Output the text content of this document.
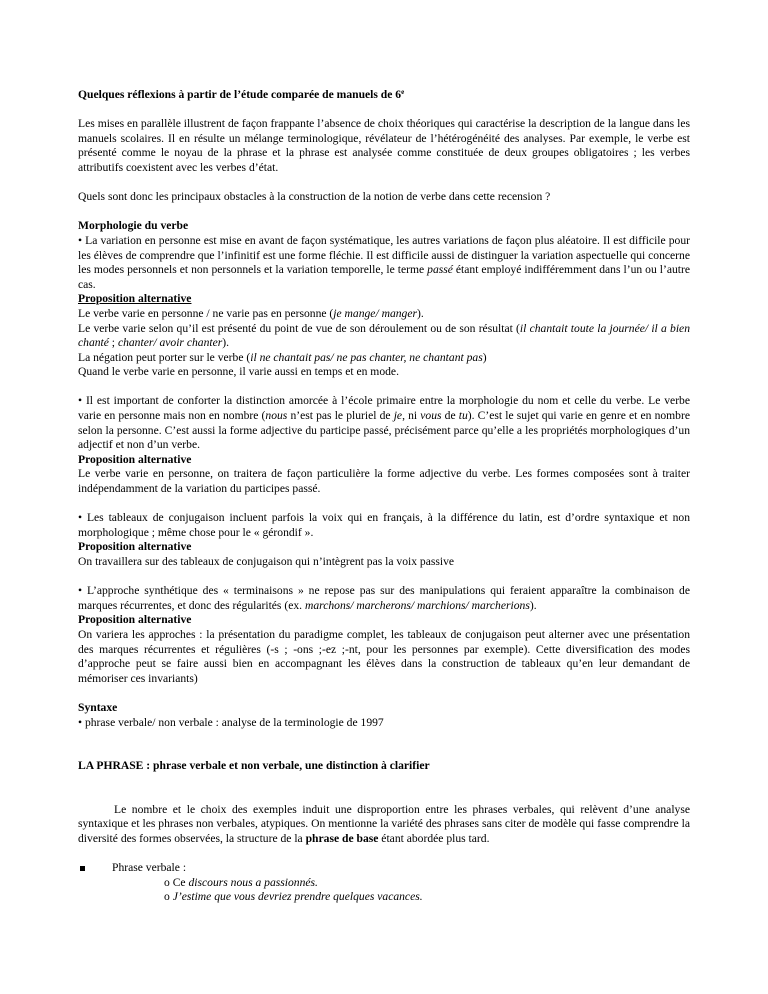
Quelques réflexions à partir de l’étude comparée de manuels de 6e

Les mises en parallèle illustrent de façon frappante l’absence de choix théoriques qui caractérise la description de la langue dans les manuels scolaires. Il en résulte un mélange terminologique, révélateur de l’hétérogénéité des analyses. Par exemple, le verbe est présenté comme le noyau de la phrase et la phrase est analysée comme constituée de deux groupes obligatoires ; les verbes attributifs coexistent avec les verbes d’état.

Quels sont donc les principaux obstacles à la construction de la notion de verbe dans cette recension ?

Morphologie du verbe

• La variation en personne est mise en avant de façon systématique, les autres variations de façon plus aléatoire. Il est difficile pour les élèves de comprendre que l’infinitif est une forme fléchie. Il est difficile aussi de distinguer la variation aspectuelle qui concerne les modes personnels et non personnels et la variation temporelle, le terme passé étant employé indifféremment dans l’un ou l’autre cas.

Proposition alternative

Le verbe varie en personne / ne varie pas en personne (je mange/ manger).

Le verbe varie selon qu’il est présenté du point de vue de son déroulement ou de son résultat (il chantait toute la journée/ il a bien chanté ; chanter/ avoir chanter).

La négation peut porter sur le verbe (il ne chantait pas/ ne pas chanter, ne chantant pas)

Quand le verbe varie en personne, il varie aussi en temps et en mode.

• Il est important de conforter la distinction amorcée à l’école primaire entre la morphologie du nom et celle du verbe. Le verbe varie en personne mais non en nombre (nous n’est pas le pluriel de je, ni vous de tu). C’est le sujet qui varie en genre et en nombre selon la personne. C’est aussi la forme adjective du participe passé, précisément parce qu’elle a les propriétés morphologiques d’un adjectif et non d’un verbe.

Proposition alternative

Le verbe varie en personne, on traitera de façon particulière la forme adjective du verbe. Les formes composées sont à traiter indépendamment de la variation du participes passé.

• Les tableaux de conjugaison incluent parfois la voix qui en français, à la différence du latin, est d’ordre syntaxique et non morphologique ; même chose pour le « gérondif ».

Proposition alternative

On travaillera sur des tableaux de conjugaison qui n’intègrent pas la voix passive

• L’approche synthétique des « terminaisons » ne repose pas sur des manipulations qui feraient apparaître la combinaison de marques récurrentes, et donc des régularités (ex. marchons/ marcherons/ marchions/ marcherions).

Proposition alternative

On variera les approches : la présentation du paradigme complet, les tableaux de conjugaison peut alterner avec une présentation des marques récurrentes et régulières (-s ; -ons ;-ez ;-nt, pour les personnes par exemple). Cette diversification des modes d’approche peut se faire aussi bien en accompagnant les élèves dans la construction de tableaux qu’en leur demandant de mémoriser ces invariants)

Syntaxe

• phrase verbale/ non verbale : analyse de la terminologie de 1997

LA PHRASE : phrase verbale et non verbale, une distinction à clarifier

Le nombre et le choix des exemples induit une disproportion entre les phrases verbales, qui relèvent d’une analyse syntaxique et les phrases non verbales, atypiques. On mentionne la variété des phrases sans citer de modèle qui fasse comprendre la diversité des formes observées, la structure de la phrase de base étant abordée plus tard.

Phrase verbale :

o Ce discours nous a passionnés.

o J’estime que vous devriez prendre quelques vacances.
